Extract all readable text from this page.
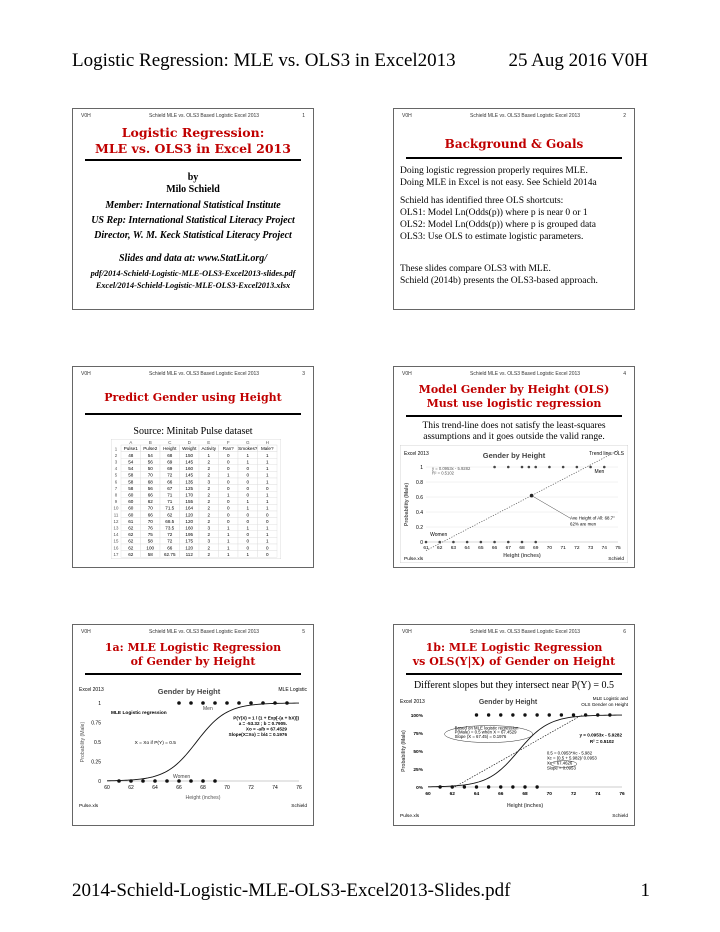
Logistic Regression: MLE vs. OLS3 in Excel2013	25 Aug 2016 V0H
V0H	Schield MLE vs. OLS3 Based Logistic Excel 2013	1
Logistic Regression:
MLE vs. OLS3 in Excel 2013
by
Milo Schield
Member: International Statistical Institute
US Rep: International Statistical Literacy Project
Director, W. M. Keck Statistical Literacy Project
Slides and data at: www.StatLit.org/
pdf/2014-Schield-Logistic-MLE-OLS3-Excel2013-slides.pdf
Excel/2014-Schield-Logistic-MLE-OLS3-Excel2013.xlsx
V0H	Schield MLE vs. OLS3 Based Logistic Excel 2013	2
Background & Goals
Doing logistic regression properly requires MLE.
Doing MLE in Excel is not easy. See Schield 2014a
Schield has identified three OLS shortcuts:
OLS1: Model Ln(Odds(p)) where p is near 0 or 1
OLS2: Model Ln(Odds(p)) where p is grouped data
OLS3: Use OLS to estimate logistic parameters.
These slides compare OLS3 with MLE.
Schield (2014b) presents the OLS3-based approach.
V0H	Schield MLE vs. OLS3 Based Logistic Excel 2013	3
Predict Gender using Height
Source: Minitab Pulse dataset
A	B	C	D	E	F	G	H
1 Pulse1 Pulse2 Height Weight Activity Ran? Smokes? Male?
2 48	54	68	150	1	0	1	1
3 54	56	69	145	2	0	1	1
4 54	50	69	160	2	0	0	1
5 58	70	72	145	2	1	0	1
6 58	68	66	135	3	0	0	1
7 58	56	67	125	2	0	0	0
8 60	66	71	170	2	1	0	1
9 60	62	71	155	2	0	1	1
10 60	70	71.5 164	2	0	1	1
11 60	66	62	120	2	0	0	0
12 61	70	68.5 120	2	0	0	0
13 62	76	73.5 160	3	1	1	1
14 62	75	72	195	2	1	0	1
15 62	58	72	175	3	1	0	1
16 62	100	66	120	2	1	0	0
17 62	58 62.75 112	2	1	1	0
V0H	Schield MLE vs. OLS3 Based Logistic Excel 2013	4
Model Gender by Height (OLS)
Must use logistic regression
This trend-line does not satisfy the least-squares
assumptions and it goes outside the valid range.
Excel 2013	Trend line: OLS
Gender by Height
0
0.2
0.4
0.6
0.8
1
61 62 63 64 65 66 67 68 69 70 71 72 73 74 75
Probability (Male)
Height (inches)
Pulse.xls	Schield
y = 0.0953x - 5.9282
R² = 0.5102	Men
Women
Ave Height of All: 68.7"
62% are men
V0H	Schield MLE vs. OLS3 Based Logistic Excel 2013	5
1a: MLE Logistic Regression
of Gender by Height
Excel 2013	MLE Logistic
Gender by Height
0
0.25
0.5
0.75
1
60	62	64	66	68	70	72	74	76
Probability (Male)
Height (inches)
Pulse.xls	Schield
Men
Women
MLE Logistic regression
P(Y|X) = 1 / (1 + Exp[-(a + bX)])
a = -53.32 ; b = 0.7905.
Xo = -a/b = 67.4529
Slope(X=Xo) = b/4 = 0.1976
X = Xo if P(Y) = 0.5
V0H	Schield MLE vs. OLS3 Based Logistic Excel 2013	6
1b: MLE Logistic Regression
vs OLS(Y|X) of Gender on Height
Different slopes but they intersect near P(Y) = 0.5
Excel 2013
MLE Logistic and
OLS Gender on Height
Gender by Height
0%
25%
50%
75%
100%
60	62	64	66	68	70	72	74	76
Probability (Male)
Height (inches)
Pulse.xls	Schield
Based on MLE logistic regression
P(Male) = 0.5 when X = 67.4529
Slope (X = 67.45) = 0.1976	y = 0.0953x - 5.9282
R² = 0.5102
0.5 = 0.0953*Xc - 5.982
Xc = (0.5 + 5.982)/ 0.0953
Xc = 67.4626
Slope = 0.0953
2014-Schield-Logistic-MLE-OLS3-Excel2013-Slides.pdf	1
